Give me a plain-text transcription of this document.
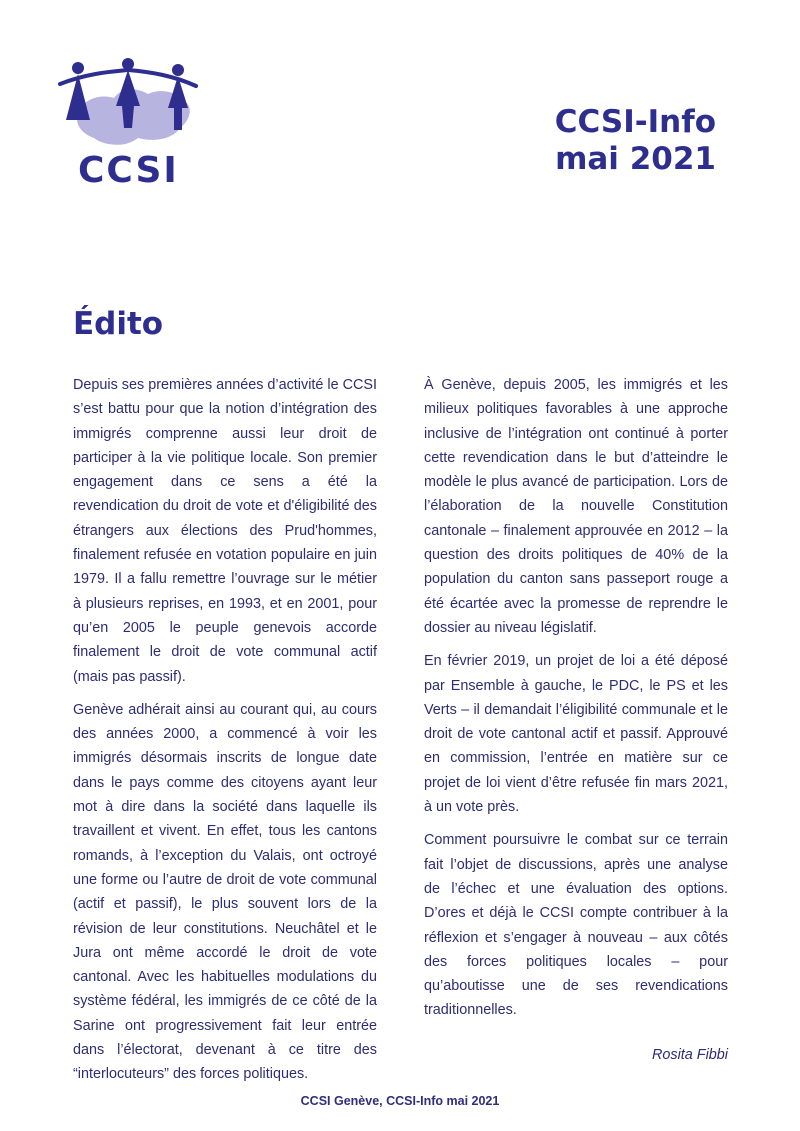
CCSI
CCSI-Info
mai 2021
Édito

Depuis ses premières années d’activité le CCSI s’est battu pour que la notion d’intégration des immigrés comprenne aussi leur droit de participer à la vie politique locale. Son premier engagement dans ce sens a été la revendication du droit de vote et d'éligibilité des étrangers aux élections des Prud'hommes, finalement refusée en votation populaire en juin 1979. Il a fallu remettre l’ouvrage sur le métier à plusieurs reprises, en 1993, et en 2001, pour qu’en 2005 le peuple genevois accorde finalement le droit de vote communal actif (mais pas passif).

Genève adhérait ainsi au courant qui, au cours des années 2000, a commencé à voir les immigrés désormais inscrits de longue date dans le pays comme des citoyens ayant leur mot à dire dans la société dans laquelle ils travaillent et vivent. En effet, tous les cantons romands, à l’exception du Valais, ont octroyé une forme ou l’autre de droit de vote communal (actif et passif), le plus souvent lors de la révision de leur constitutions. Neuchâtel et le Jura ont même accordé le droit de vote cantonal. Avec les habituelles modulations du système fédéral, les immigrés de ce côté de la Sarine ont progressivement fait leur entrée dans l’électorat, devenant à ce titre des “interlocuteurs” des forces politiques.

À Genève, depuis 2005, les immigrés et les milieux politiques favorables à une approche inclusive de l’intégration ont continué à porter cette revendication dans le but d’atteindre le modèle le plus avancé de participation. Lors de l’élaboration de la nouvelle Constitution cantonale – finalement approuvée en 2012 – la question des droits politiques de 40% de la population du canton sans passeport rouge a été écartée avec la promesse de reprendre le dossier au niveau législatif.

En février 2019, un projet de loi a été déposé par Ensemble à gauche, le PDC, le PS et les Verts – il demandait l’éligibilité communale et le droit de vote cantonal actif et passif. Approuvé en commission, l’entrée en matière sur ce projet de loi vient d’être refusée fin mars 2021, à un vote près.

Comment poursuivre le combat sur ce terrain fait l’objet de discussions, après une analyse de l’échec et une évaluation des options. D’ores et déjà le CCSI compte contribuer à la réflexion et s’engager à nouveau – aux côtés des forces politiques locales – pour qu’aboutisse une de ses revendications traditionnelles.

Rosita Fibbi
CCSI Genève, CCSI-Info mai 2021
